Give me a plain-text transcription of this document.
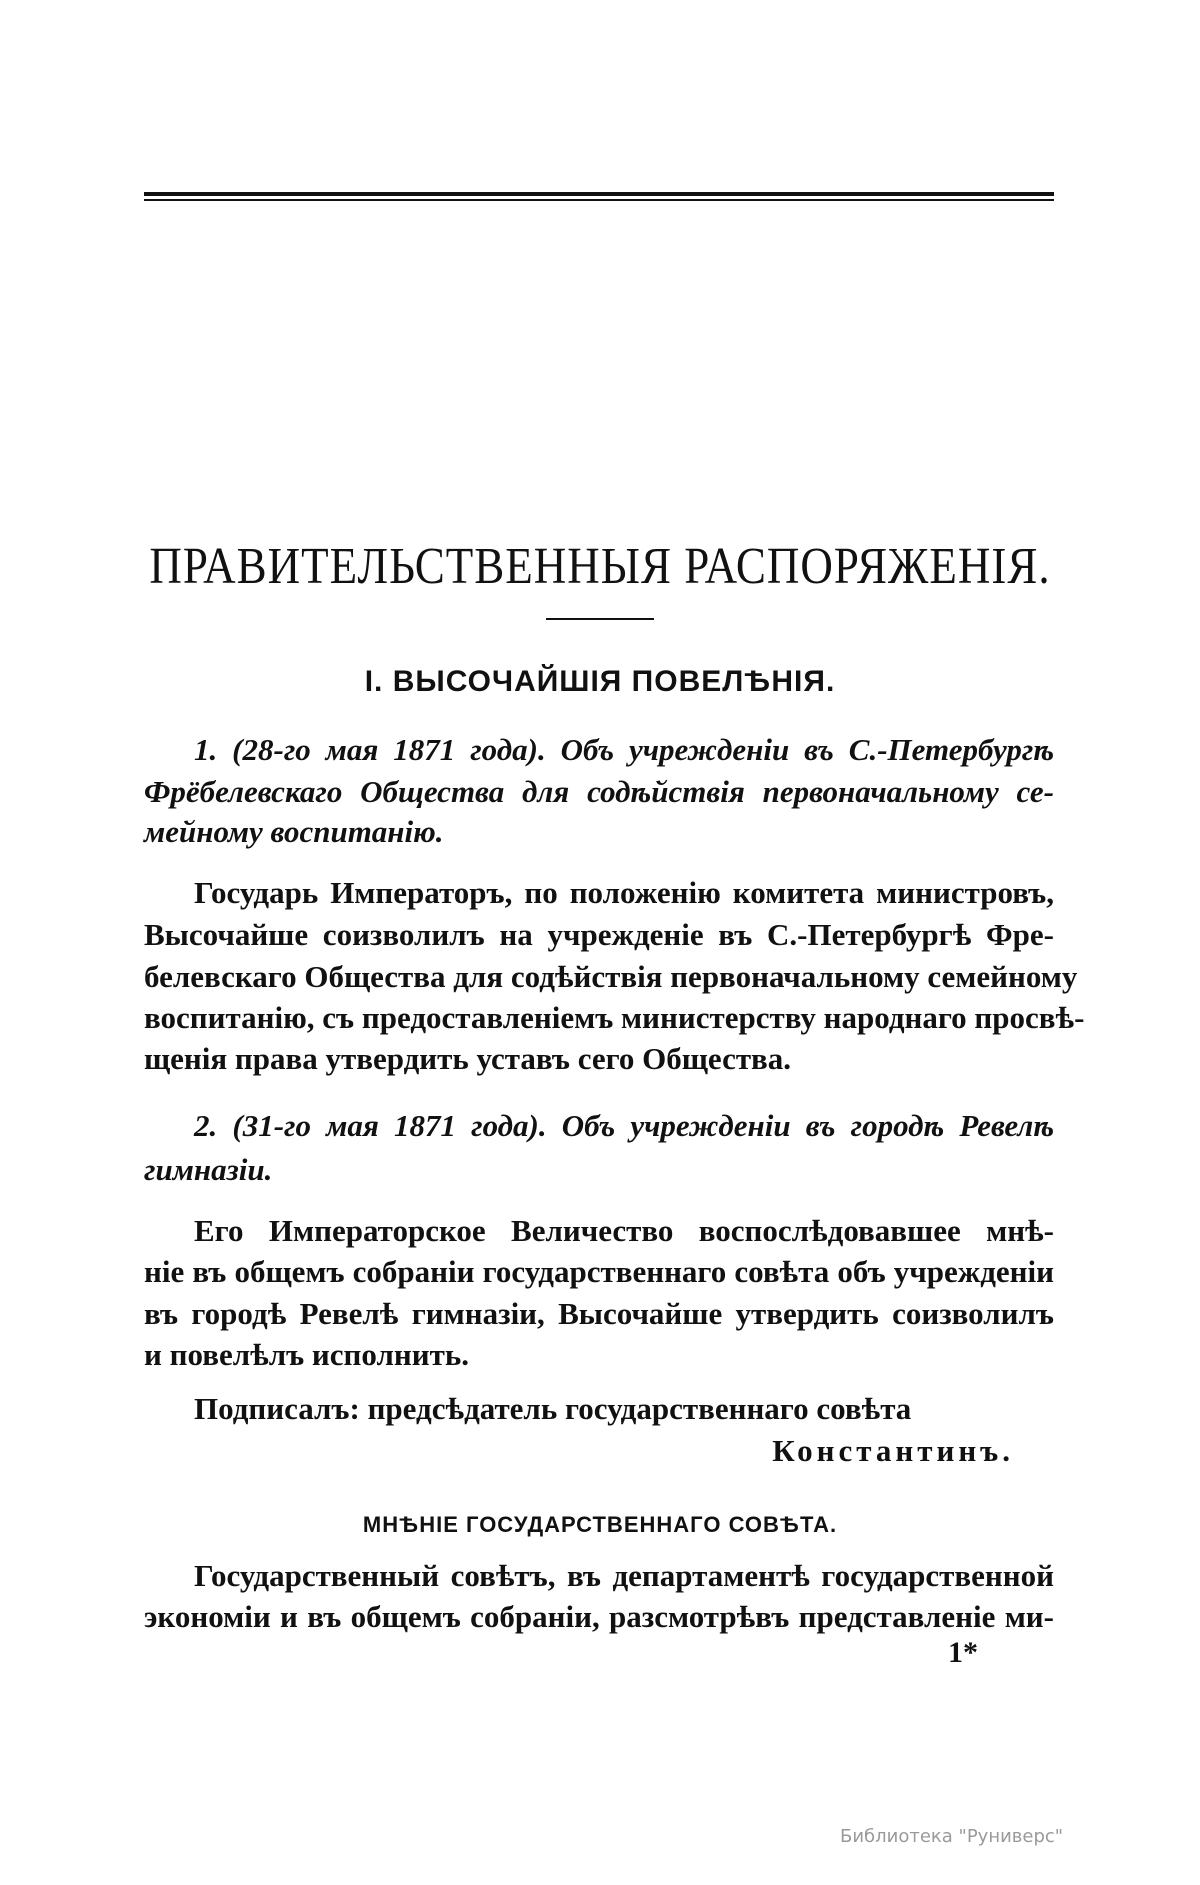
ПРАВИТЕЛЬСТВЕННЫЯ РАСПОРЯЖЕНІЯ.
I. ВЫСОЧАЙШІЯ ПОВЕЛѢНІЯ.
1. (28-го мая 1871 года). Объ учрежденіи въ С.-Петербургѣ
Фрёбелевскаго Общества для содѣйствія первоначальному се-
мейному воспитанію.
Государь Императоръ, по положенію комитета министровъ,
Высочайше соизволилъ на учрежденіе въ С.-Петербургѣ Фре-
белевскаго Общества для содѣйствія первоначальному семейному
воспитанію, съ предоставленіемъ министерству народнаго просвѣ-
щенія права утвердить уставъ сего Общества.
2. (31-го мая 1871 года). Объ учрежденіи въ городѣ Ревелѣ
гимназіи.
Его Императорское Величество воспослѣдовавшее мнѣ-
ніе въ общемъ собраніи государственнаго совѣта объ учрежденіи
въ городѣ Ревелѣ гимназіи, Высочайше утвердить соизволилъ
и повелѣлъ исполнить.
Подписалъ: предсѣдатель государственнаго совѣта
Константинъ.
МНѢНІЕ ГОСУДАРСТВЕННАГО СОВѢТА.
Государственный совѣтъ, въ департаментѣ государственной
экономіи и въ общемъ собраніи, разсмотрѣвъ представленіе ми-
1*
Библиотека "Руниверс"
